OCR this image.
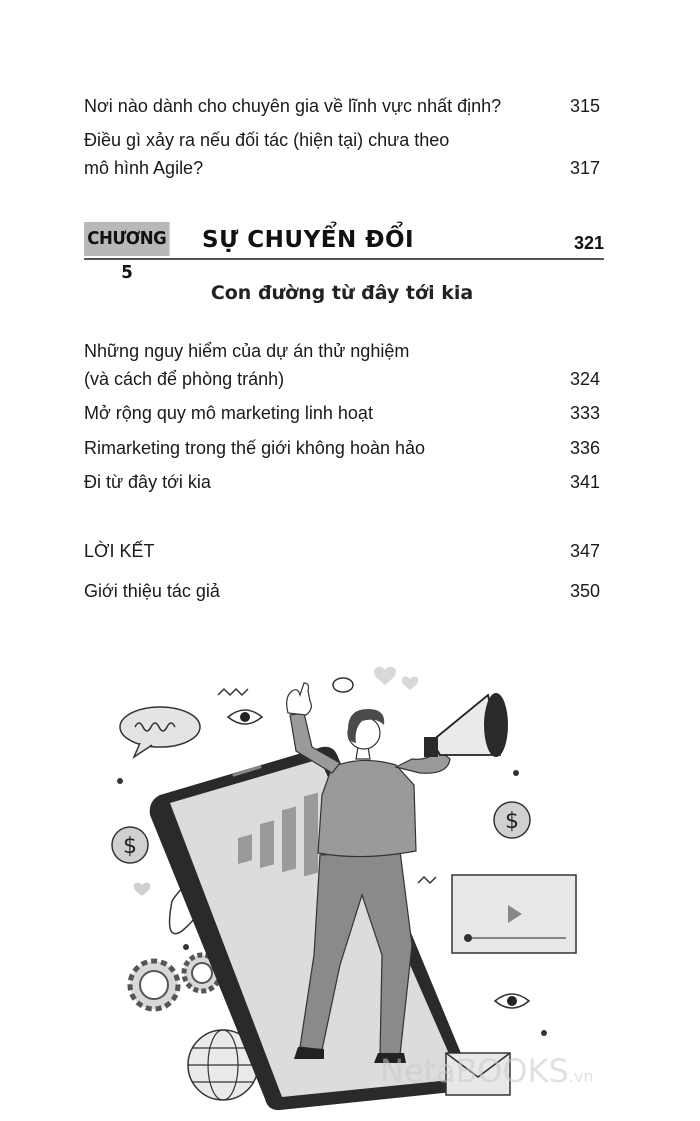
Nơi nào dành cho chuyên gia về lĩnh vực nhất định?	315
Điều gì xảy ra nếu đối tác (hiện tại) chưa theo
mô hình Agile?	317
CHƯƠNG 5
SỰ CHUYỂN ĐỔI	321
Con đường từ đây tới kia
Những nguy hiểm của dự án thử nghiệm
(và cách để phòng tránh)	324
Mở rộng quy mô marketing linh hoạt	333
Rimarketing trong thế giới không hoàn hảo	336
Đi từ đây tới kia	341
LỜI KẾT	347
Giới thiệu tác giả	350
$
$
NetaBOOKS.vn
